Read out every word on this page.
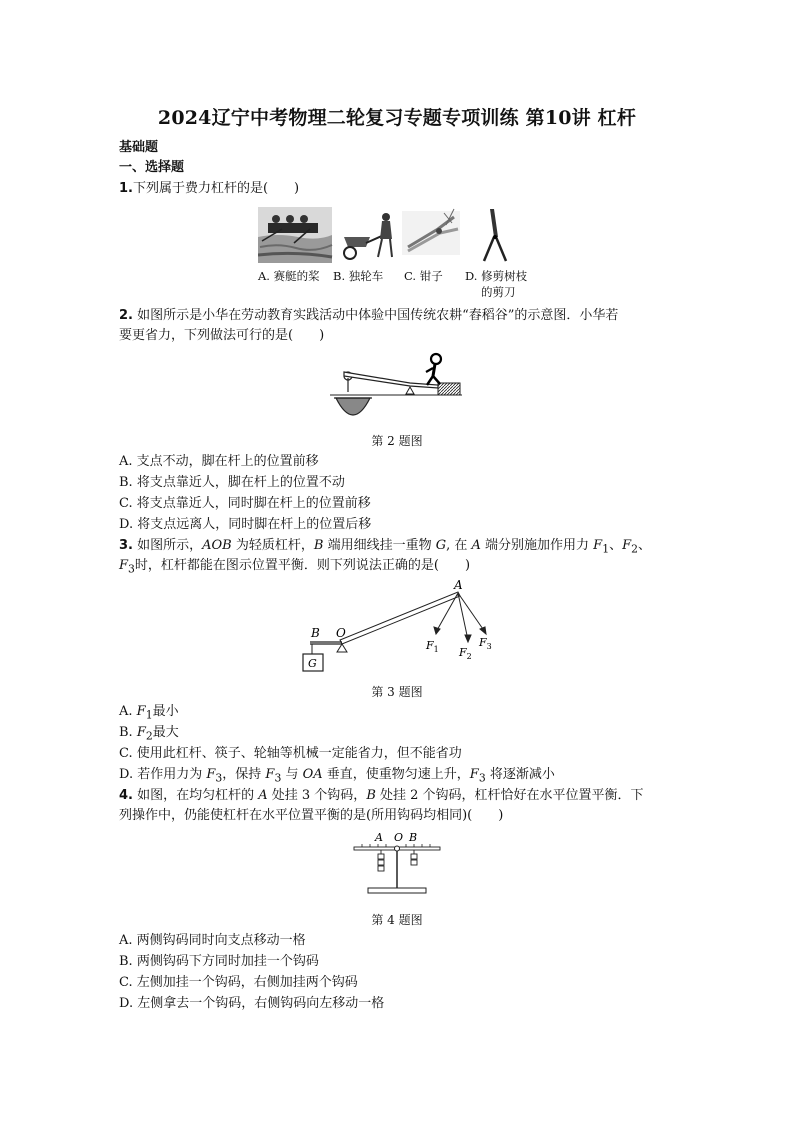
2024辽宁中考物理二轮复习专题专项训练 第10讲 杠杆
基础题
一、选择题
1.下列属于费力杠杆的是(　　)
A. 赛艇的桨 B. 独轮车 C. 钳子 D. 修剪树枝
的剪刀
2. 如图所示是小华在劳动教育实践活动中体验中国传统农耕“舂稻谷”的示意图．小华若
要更省力，下列做法可行的是(　　)
第 2 题图
A. 支点不动，脚在杆上的位置前移
B. 将支点靠近人，脚在杆上的位置不动
C. 将支点靠近人，同时脚在杆上的位置前移
D. 将支点远离人，同时脚在杆上的位置后移
3. 如图所示，AOB 为轻质杠杆，B 端用细线挂一重物 G, 在 A 端分别施加作用力 $F_1$、$F_2$、
$F_3$时，杠杆都能在图示位置平衡．则下列说法正确的是(　　)
A
B O
G
$F_1$ $F_2$
$F_3$
第 3 题图
A. $F_1$最小
B. $F_2$最大
C. 使用此杠杆、筷子、轮轴等机械一定能省力，但不能省功
D. 若作用力为 $F_3$，保持 $F_3$ 与 OA 垂直，使重物匀速上升，$F_3$ 将逐渐减小
4. 如图，在均匀杠杆的 A 处挂 3 个钩码，B 处挂 2 个钩码，杠杆恰好在水平位置平衡．下
列操作中，仍能使杠杆在水平位置平衡的是(所用钩码均相同)(　　)
A O B
第 4 题图
A. 两侧钩码同时向支点移动一格
B. 两侧钩码下方同时加挂一个钩码
C. 左侧加挂一个钩码，右侧加挂两个钩码
D. 左侧拿去一个钩码，右侧钩码向左移动一格
